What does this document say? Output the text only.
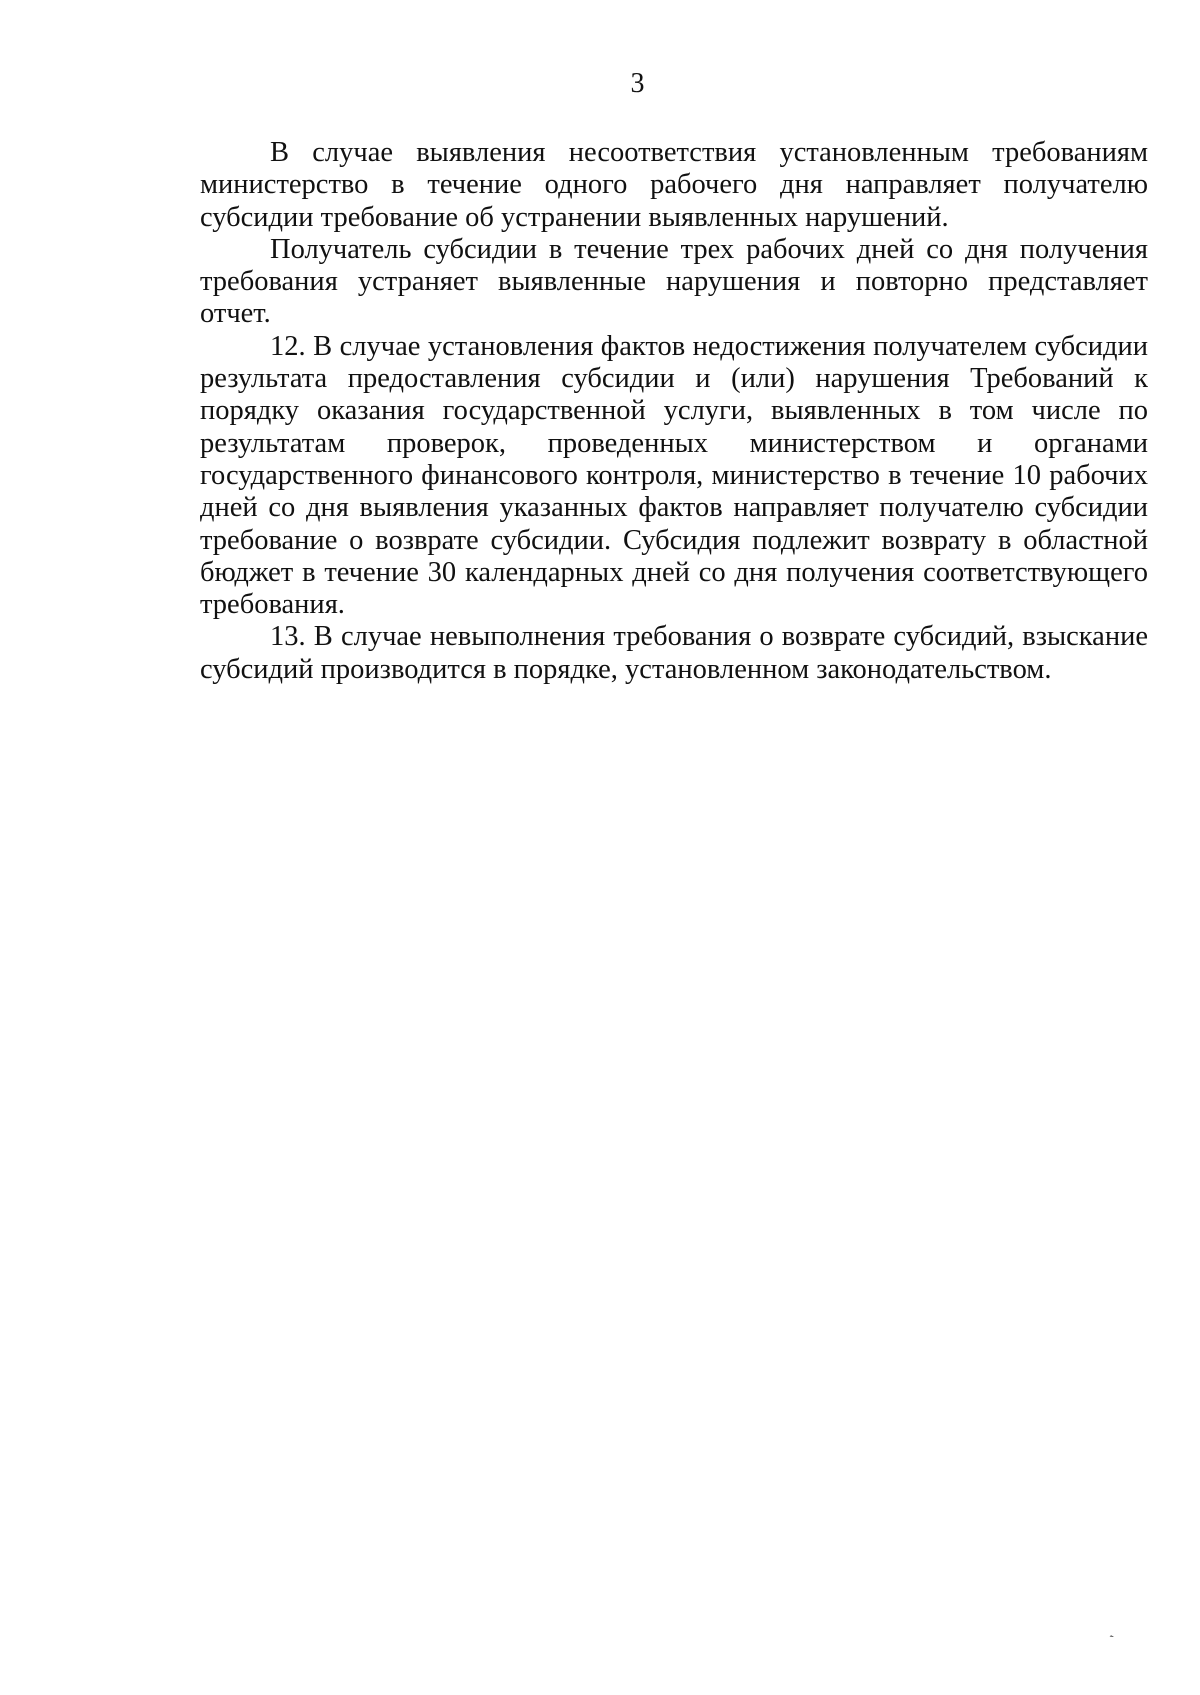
3

В случае выявления несоответствия установленным требованиям министерство в течение одного рабочего дня направляет получателю субсидии требование об устранении выявленных нарушений.

Получатель субсидии в течение трех рабочих дней со дня получения требования устраняет выявленные нарушения и повторно представляет отчет.

12. В случае установления фактов недостижения получателем субсидии результата предоставления субсидии и (или) нарушения Требований к порядку оказания государственной услуги, выявленных в том числе по результатам проверок, проведенных министерством и органами государственного финансового контроля, министерство в течение 10 рабочих дней со дня выявления указанных фактов направляет получателю субсидии требование о возврате субсидии. Субсидия подлежит возврату в областной бюджет в течение 30 календарных дней со дня получения соответствующего требования.

13. В случае невыполнения требования о возврате субсидий, взыскание субсидий производится в порядке, установленном законодательством.

ˏ
